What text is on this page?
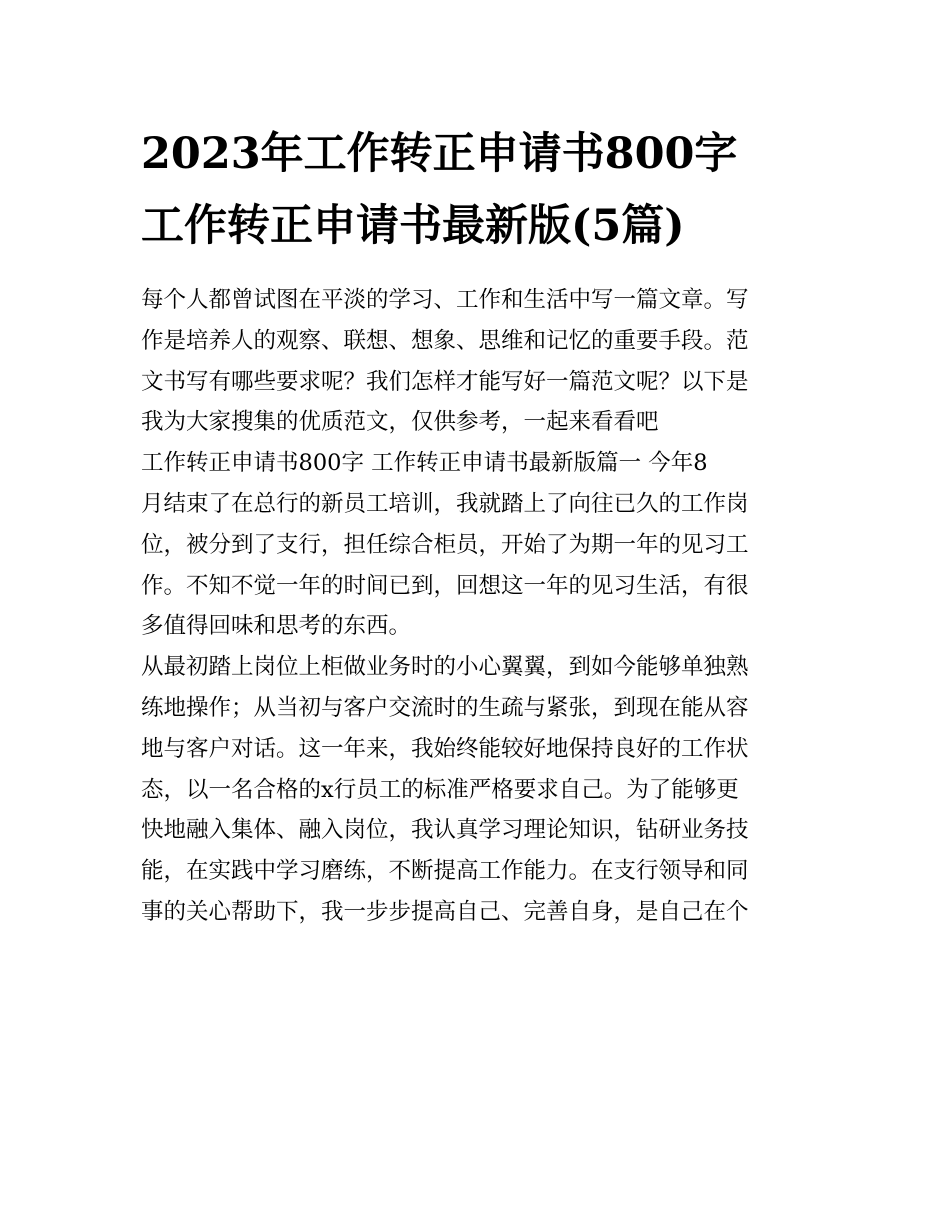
2023年工作转正申请书800字
工作转正申请书最新版(5篇)
每个人都曾试图在平淡的学习、工作和生活中写一篇文章。写
作是培养人的观察、联想、想象、思维和记忆的重要手段。范
文书写有哪些要求呢？我们怎样才能写好一篇范文呢？以下是
我为大家搜集的优质范文，仅供参考，一起来看看吧
工作转正申请书800字 工作转正申请书最新版篇一 今年8
月结束了在总行的新员工培训，我就踏上了向往已久的工作岗
位，被分到了支行，担任综合柜员，开始了为期一年的见习工
作。不知不觉一年的时间已到，回想这一年的见习生活，有很
多值得回味和思考的东西。
从最初踏上岗位上柜做业务时的小心翼翼，到如今能够单独熟
练地操作；从当初与客户交流时的生疏与紧张，到现在能从容
地与客户对话。这一年来，我始终能较好地保持良好的工作状
态，以一名合格的x行员工的标准严格要求自己。为了能够更
快地融入集体、融入岗位，我认真学习理论知识，钻研业务技
能，在实践中学习磨练，不断提高工作能力。在支行领导和同
事的关心帮助下，我一步步提高自己、完善自身，是自己在个
